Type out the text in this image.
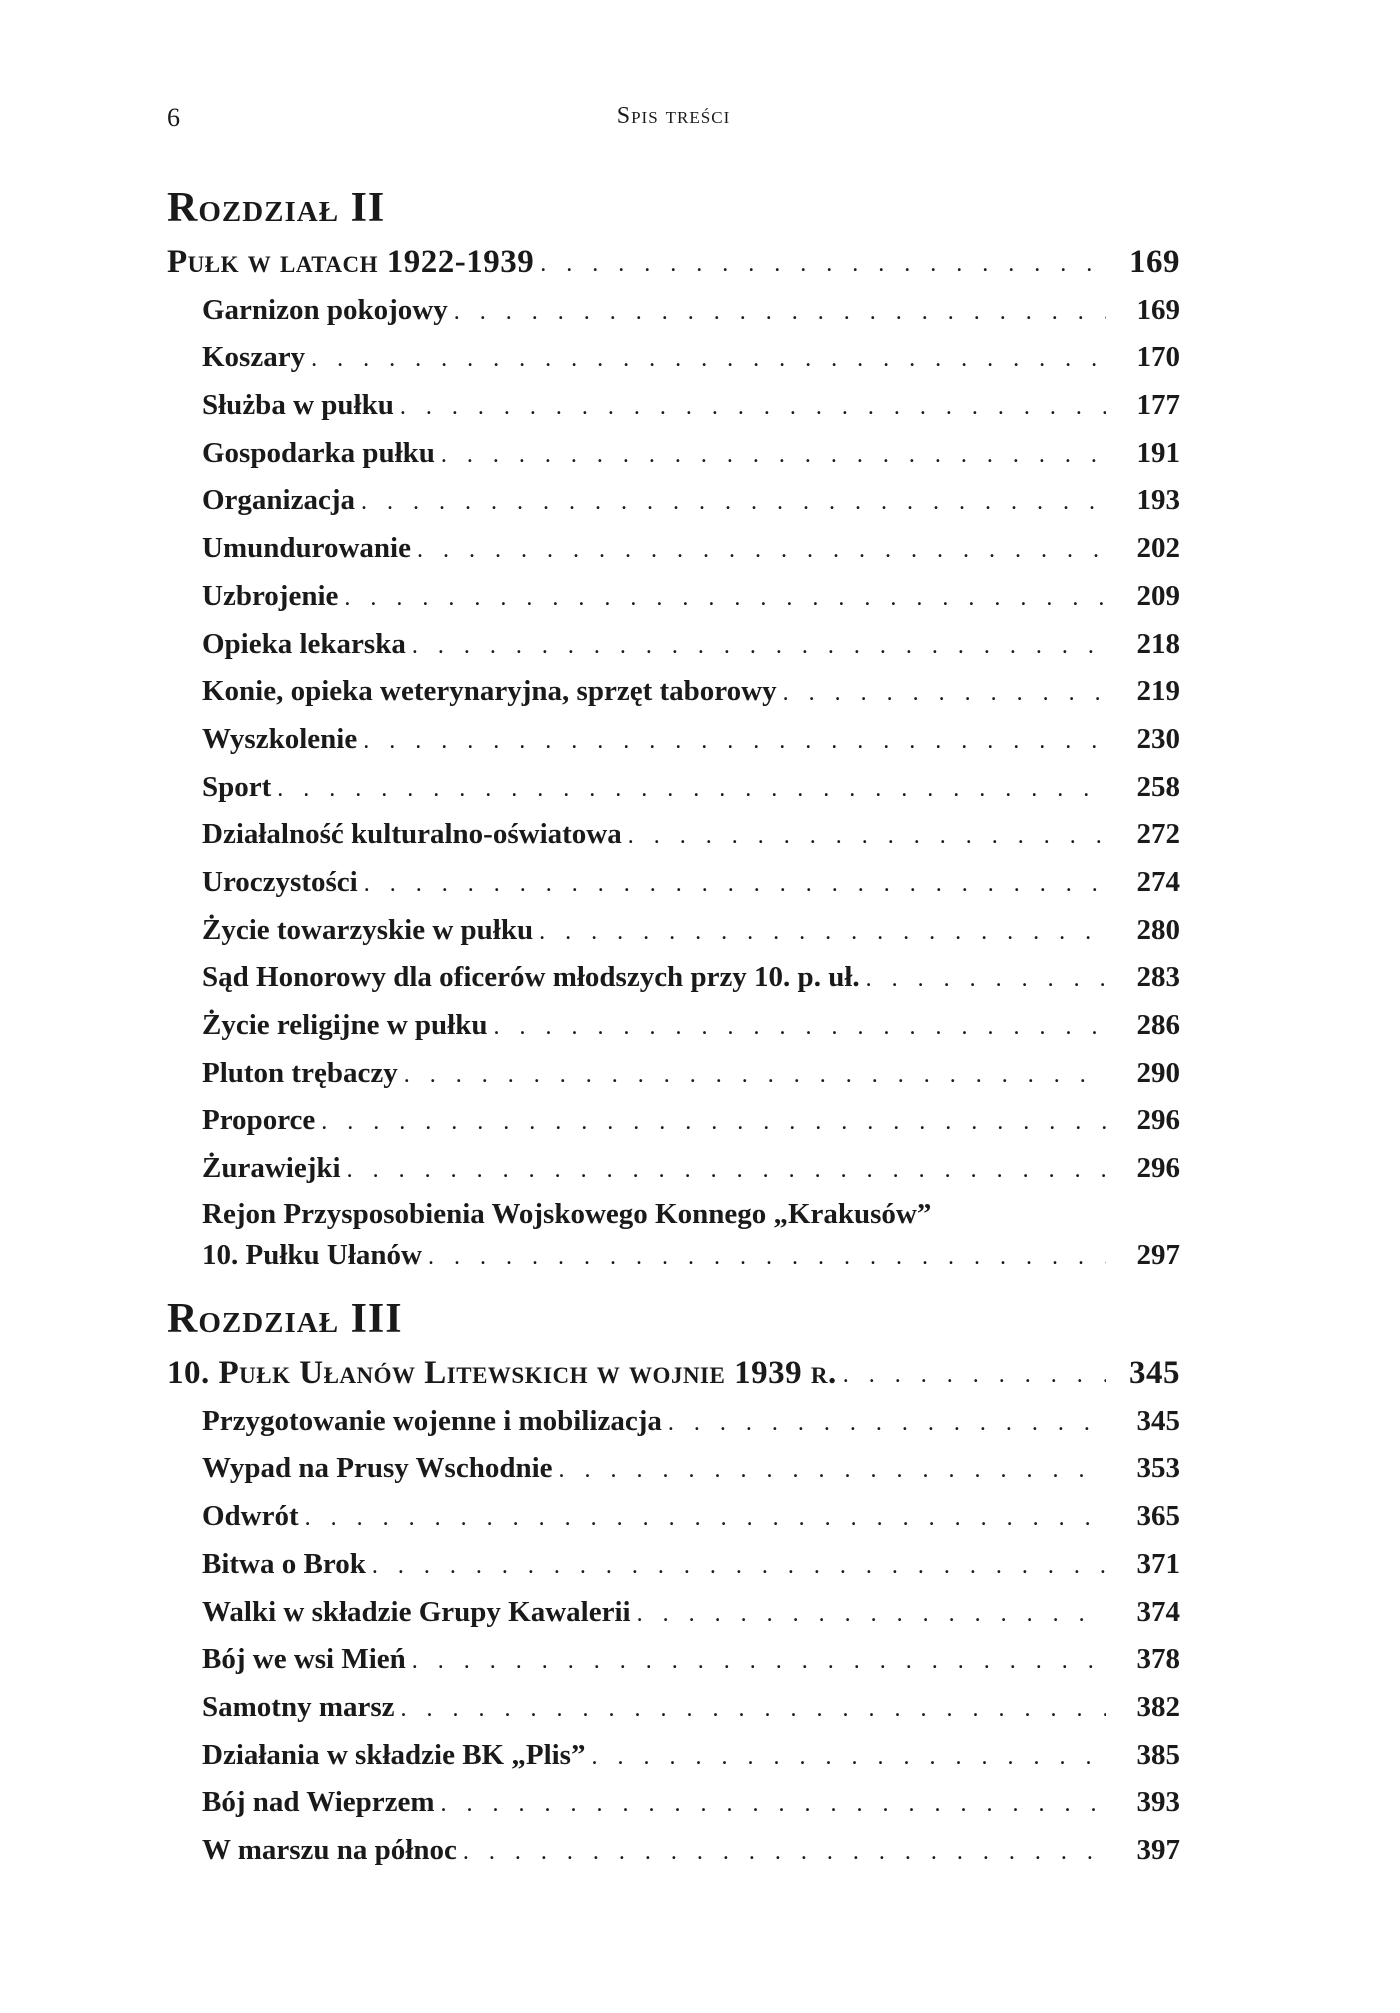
6	Spis treści
Rozdział II
Pułk w latach 1922-1939 . . .	169
Garnizon pokojowy . . .	169
Koszary . . .	170
Służba w pułku . . .	177
Gospodarka pułku . . .	191
Organizacja . . .	193
Umundurowanie . . .	202
Uzbrojenie . . .	209
Opieka lekarska . . .	218
Konie, opieka weterynaryjna, sprzęt taborowy . . .	219
Wyszkolenie . . .	230
Sport . . .	258
Działalność kulturalno-oświatowa . . .	272
Uroczystości . . .	274
Życie towarzyskie w pułku . . .	280
Sąd Honorowy dla oficerów młodszych przy 10. p. uł. . . .	283
Życie religijne w pułku . . .	286
Pluton trębaczy . . .	290
Proporce . . .	296
Żurawiejki . . .	296
Rejon Przysposobienia Wojskowego Konnego „Krakusów”
10. Pułku Ułanów . . .	297
Rozdział III
10. Pułk Ułanów Litewskich w wojnie 1939 r. . . .	345
Przygotowanie wojenne i mobilizacja . . .	345
Wypad na Prusy Wschodnie . . .	353
Odwrót . . .	365
Bitwa o Brok . . .	371
Walki w składzie Grupy Kawalerii . . .	374
Bój we wsi Mień . . .	378
Samotny marsz . . .	382
Działania w składzie BK „Plis” . . .	385
Bój nad Wieprzem . . .	393
W marszu na północ . . .	397
